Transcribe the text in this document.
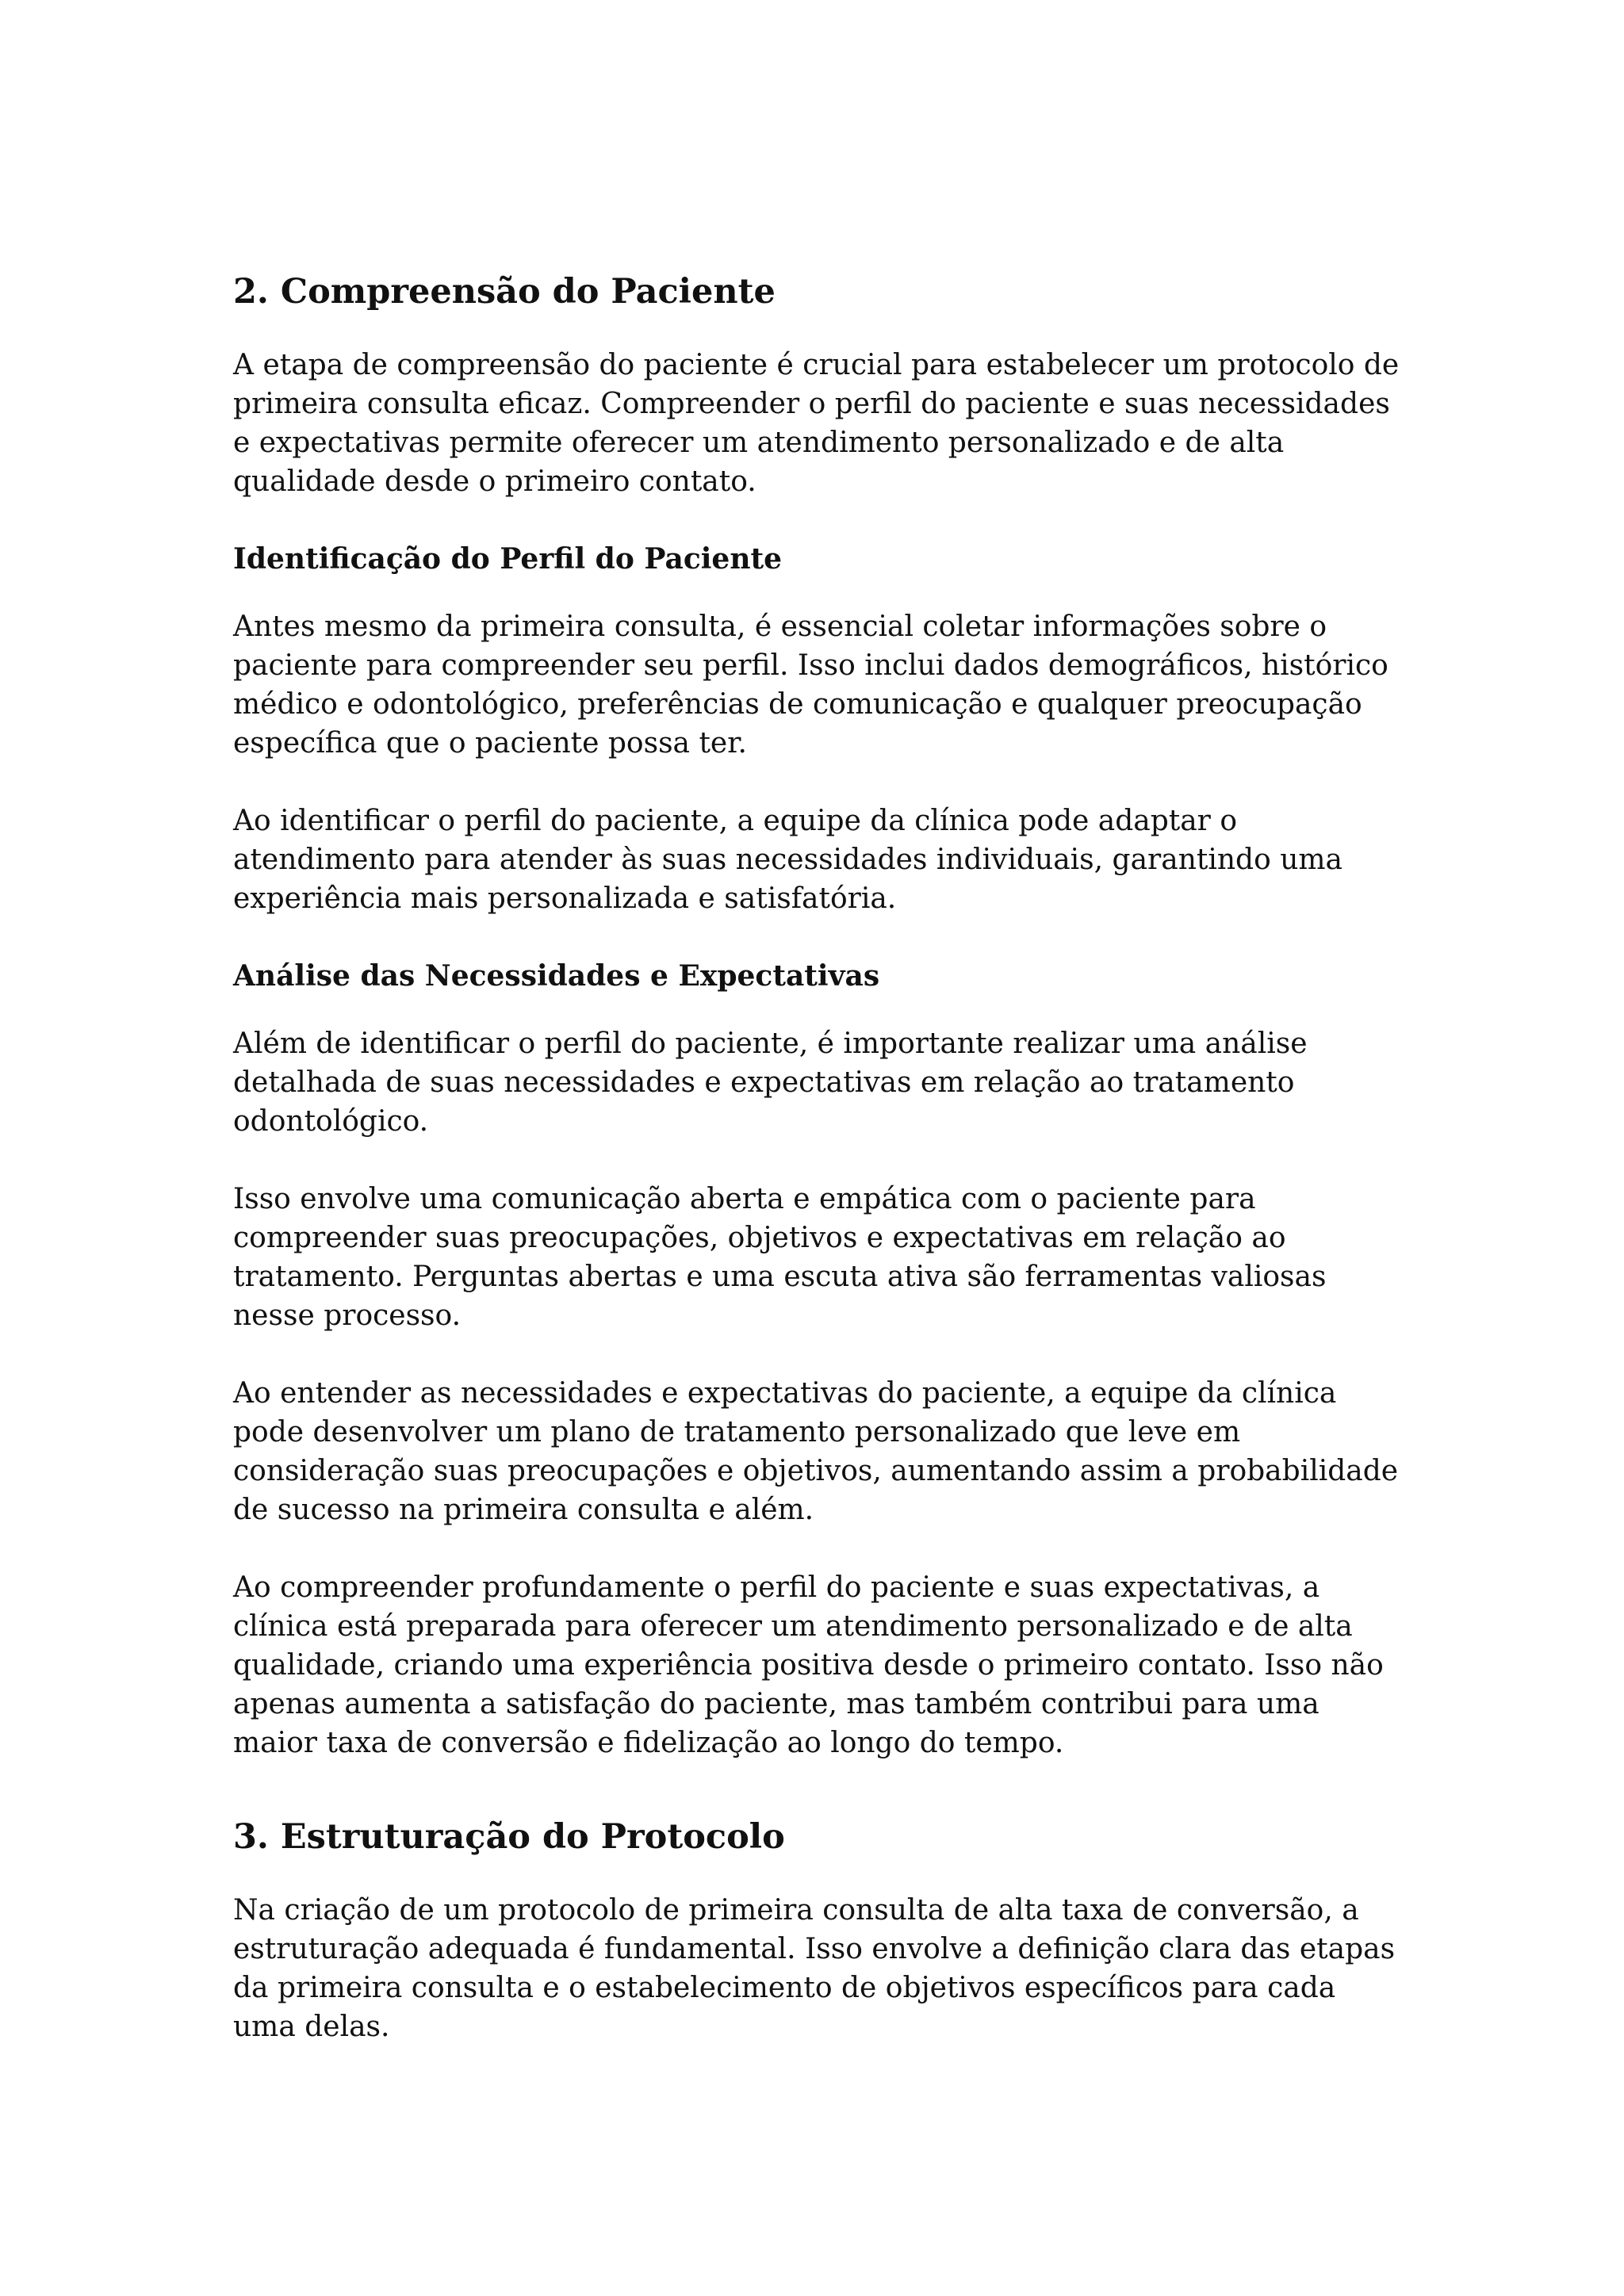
2. Compreensão do Paciente

A etapa de compreensão do paciente é crucial para estabelecer um protocolo de primeira consulta eficaz. Compreender o perfil do paciente e suas necessidades e expectativas permite oferecer um atendimento personalizado e de alta qualidade desde o primeiro contato.

Identificação do Perfil do Paciente

Antes mesmo da primeira consulta, é essencial coletar informações sobre o paciente para compreender seu perfil. Isso inclui dados demográficos, histórico médico e odontológico, preferências de comunicação e qualquer preocupação específica que o paciente possa ter.

Ao identificar o perfil do paciente, a equipe da clínica pode adaptar o atendimento para atender às suas necessidades individuais, garantindo uma experiência mais personalizada e satisfatória.

Análise das Necessidades e Expectativas

Além de identificar o perfil do paciente, é importante realizar uma análise detalhada de suas necessidades e expectativas em relação ao tratamento odontológico.

Isso envolve uma comunicação aberta e empática com o paciente para compreender suas preocupações, objetivos e expectativas em relação ao tratamento. Perguntas abertas e uma escuta ativa são ferramentas valiosas nesse processo.

Ao entender as necessidades e expectativas do paciente, a equipe da clínica pode desenvolver um plano de tratamento personalizado que leve em consideração suas preocupações e objetivos, aumentando assim a probabilidade de sucesso na primeira consulta e além.

Ao compreender profundamente o perfil do paciente e suas expectativas, a clínica está preparada para oferecer um atendimento personalizado e de alta qualidade, criando uma experiência positiva desde o primeiro contato. Isso não apenas aumenta a satisfação do paciente, mas também contribui para uma maior taxa de conversão e fidelização ao longo do tempo.

3. Estruturação do Protocolo

Na criação de um protocolo de primeira consulta de alta taxa de conversão, a estruturação adequada é fundamental. Isso envolve a definição clara das etapas da primeira consulta e o estabelecimento de objetivos específicos para cada uma delas.
